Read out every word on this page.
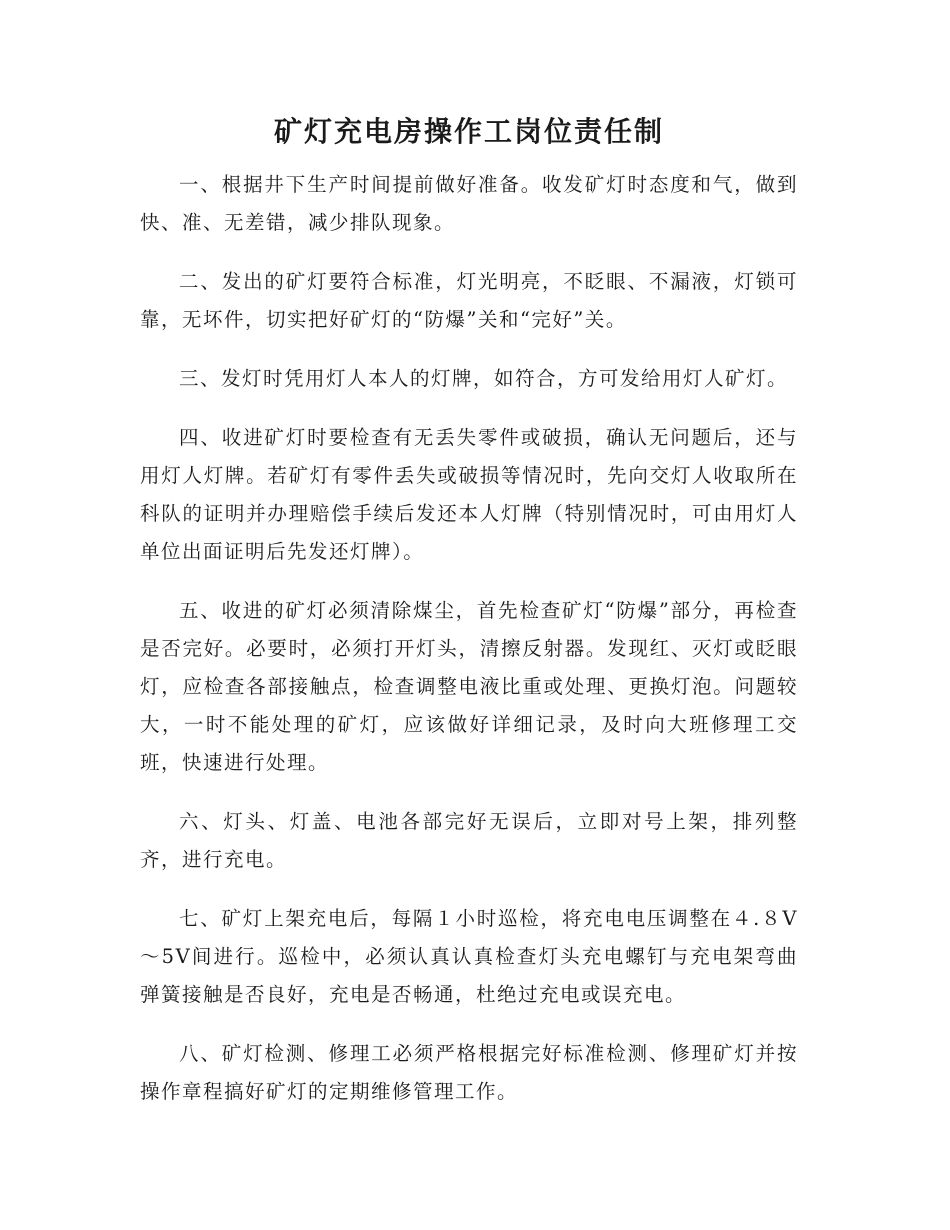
矿灯充电房操作工岗位责任制

一、根据井下生产时间提前做好准备。收发矿灯时态度和气，做到快、准、无差错，减少排队现象。

二、发出的矿灯要符合标准，灯光明亮，不眨眼、不漏液，灯锁可靠，无坏件，切实把好矿灯的“防爆”关和“完好”关。

三、发灯时凭用灯人本人的灯牌，如符合，方可发给用灯人矿灯。

四、收进矿灯时要检查有无丢失零件或破损，确认无问题后，还与用灯人灯牌。若矿灯有零件丢失或破损等情况时，先向交灯人收取所在科队的证明并办理赔偿手续后发还本人灯牌（特别情况时，可由用灯人单位出面证明后先发还灯牌）。

五、收进的矿灯必须清除煤尘，首先检查矿灯“防爆”部分，再检查是否完好。必要时，必须打开灯头，清擦反射器。发现红、灭灯或眨眼灯，应检查各部接触点，检查调整电液比重或处理、更换灯泡。问题较大，一时不能处理的矿灯，应该做好详细记录，及时向大班修理工交班，快速进行处理。

六、灯头、灯盖、电池各部完好无误后，立即对号上架，排列整齐，进行充电。

七、矿灯上架充电后，每隔１小时巡检，将充电电压调整在４.８V～5V间进行。巡检中，必须认真认真检查灯头充电螺钉与充电架弯曲弹簧接触是否良好，充电是否畅通，杜绝过充电或误充电。

八、矿灯检测、修理工必须严格根据完好标准检测、修理矿灯并按操作章程搞好矿灯的定期维修管理工作。
